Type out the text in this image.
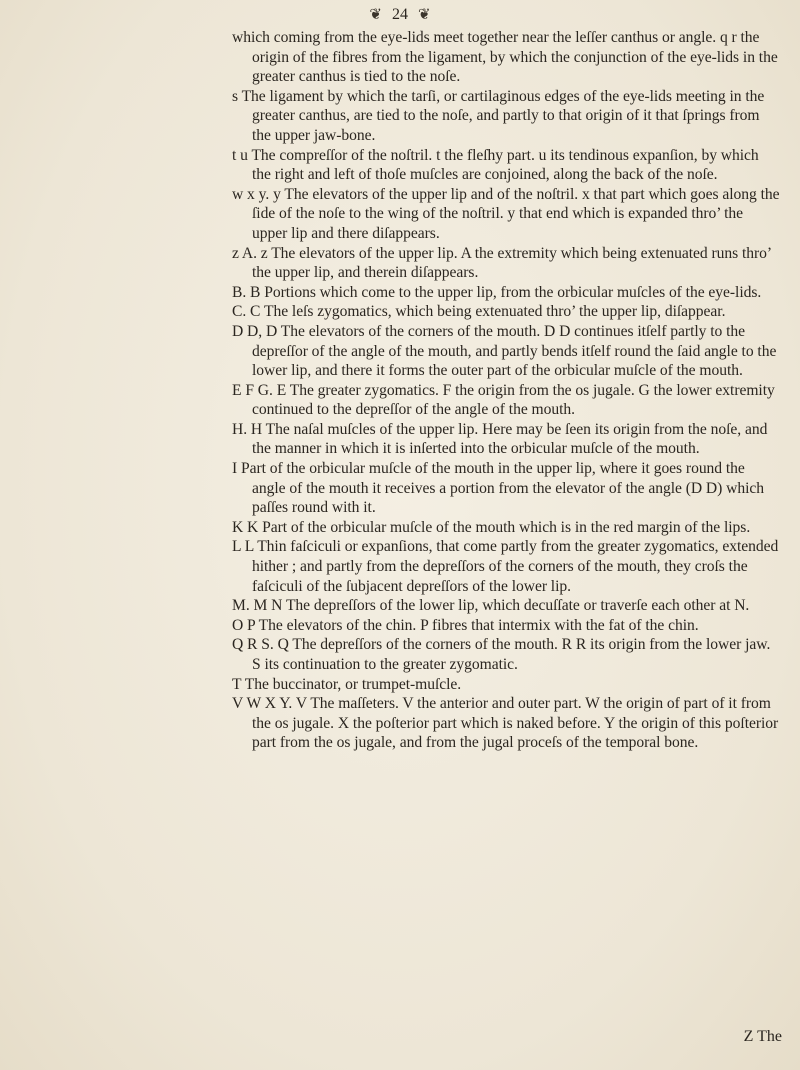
❦ 24 ❦

which coming from the eye-lids meet together near the leſſer canthus or angle. q r the origin of the fibres from the ligament, by which the conjunction of the eye-lids in the greater canthus is tied to the noſe.

s The ligament by which the tarſi, or cartilaginous edges of the eye-lids meeting in the greater canthus, are tied to the noſe, and partly to that origin of it that ſprings from the upper jaw-bone.

t u The compreſſor of the noſtril. t the fleſhy part. u its tendinous expanſion, by which the right and left of thoſe muſcles are conjoined, along the back of the noſe.

w x y. y The elevators of the upper lip and of the noſtril. x that part which goes along the ſide of the noſe to the wing of the noſtril. y that end which is expanded thro’ the upper lip and there diſappears.

z A. z The elevators of the upper lip. A the extremity which being extenuated runs thro’ the upper lip, and therein diſappears.

B. B Portions which come to the upper lip, from the orbicular muſcles of the eye-lids.

C. C The leſs zygomatics, which being extenuated thro’ the upper lip, diſappear.

D D, D The elevators of the corners of the mouth. D D continues itſelf partly to the depreſſor of the angle of the mouth, and partly bends itſelf round the ſaid angle to the lower lip, and there it forms the outer part of the orbicular muſcle of the mouth.

E F G. E The greater zygomatics. F the origin from the os jugale. G the lower extremity continued to the depreſſor of the angle of the mouth.

H. H The naſal muſcles of the upper lip. Here may be ſeen its origin from the noſe, and the manner in which it is inſerted into the orbicular muſcle of the mouth.

I Part of the orbicular muſcle of the mouth in the upper lip, where it goes round the angle of the mouth it receives a portion from the elevator of the angle (D D) which paſſes round with it.

K K Part of the orbicular muſcle of the mouth which is in the red margin of the lips.

L L Thin faſciculi or expanſions, that come partly from the greater zygomatics, extended hither ; and partly from the depreſſors of the corners of the mouth, they croſs the faſciculi of the ſubjacent depreſſors of the lower lip.

M. M N The depreſſors of the lower lip, which decuſſate or traverſe each other at N.

O P The elevators of the chin. P fibres that intermix with the fat of the chin.

Q R S. Q The depreſſors of the corners of the mouth. R R its origin from the lower jaw. S its continuation to the greater zygomatic.

T The buccinator, or trumpet-muſcle.

V W X Y. V The maſſeters. V the anterior and outer part. W the origin of part of it from the os jugale. X the poſterior part which is naked before. Y the origin of this poſterior part from the os jugale, and from the jugal proceſs of the temporal bone.

Z The
